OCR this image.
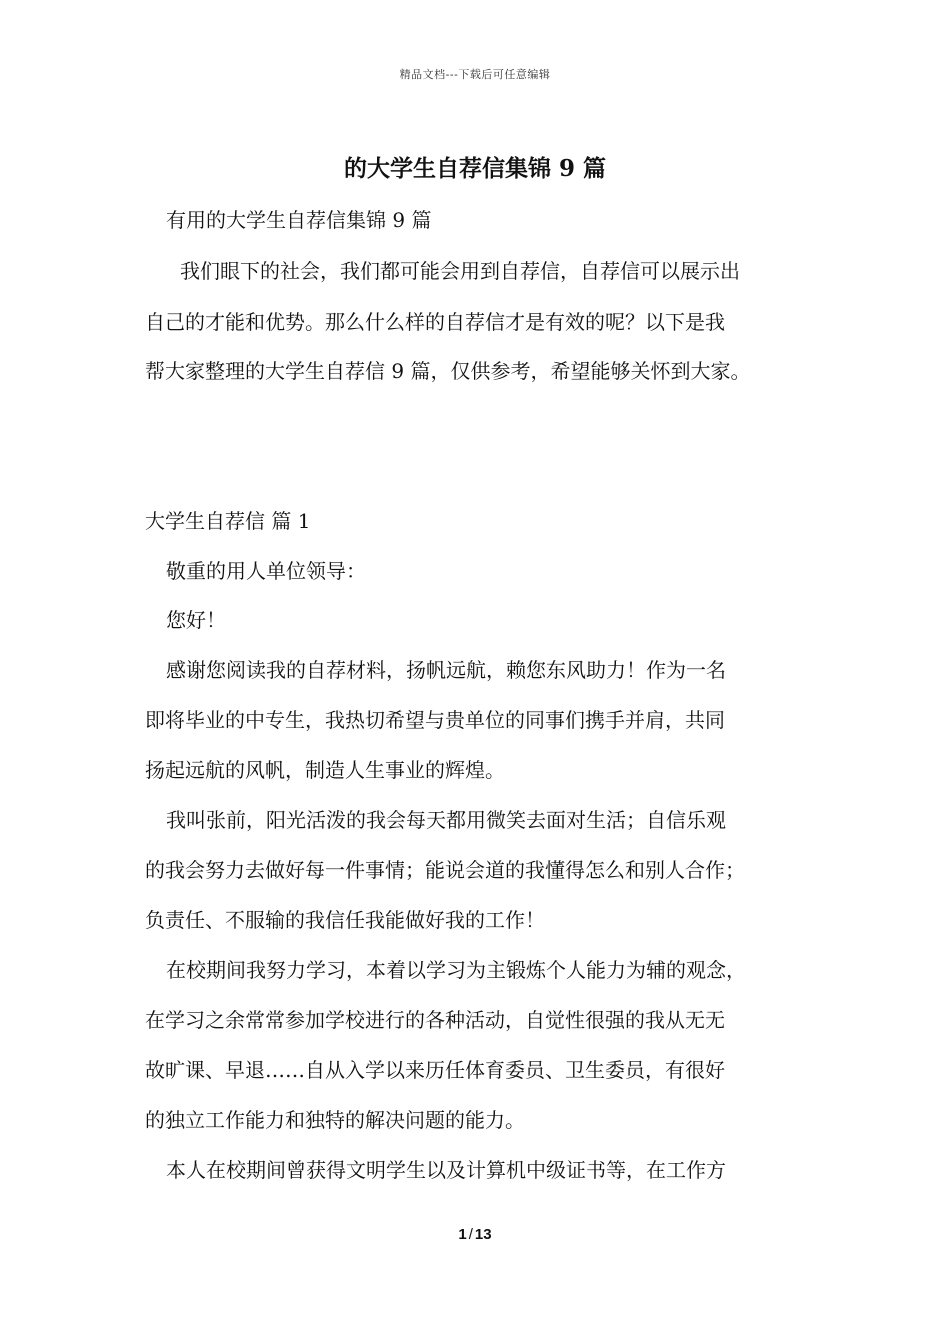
精品文档---下载后可任意编辑
的大学生自荐信集锦 9 篇
有用的大学生自荐信集锦 9 篇
我们眼下的社会，我们都可能会用到自荐信，自荐信可以展示出
自己的才能和优势。那么什么样的自荐信才是有效的呢？以下是我
帮大家整理的大学生自荐信 9 篇，仅供参考，希望能够关怀到大家。
大学生自荐信 篇 1
敬重的用人单位领导：
您好！
感谢您阅读我的自荐材料，扬帆远航，赖您东风助力！作为一名
即将毕业的中专生，我热切希望与贵单位的同事们携手并肩，共同
扬起远航的风帆，制造人生事业的辉煌。
我叫张前，阳光活泼的我会每天都用微笑去面对生活；自信乐观
的我会努力去做好每一件事情；能说会道的我懂得怎么和别人合作；
负责任、不服输的我信任我能做好我的工作！
在校期间我努力学习，本着以学习为主锻炼个人能力为辅的观念，
在学习之余常常参加学校进行的各种活动，自觉性很强的我从无无
故旷课、早退……自从入学以来历任体育委员、卫生委员，有很好
的独立工作能力和独特的解决问题的能力。
本人在校期间曾获得文明学生以及计算机中级证书等，在工作方
1 / 13
